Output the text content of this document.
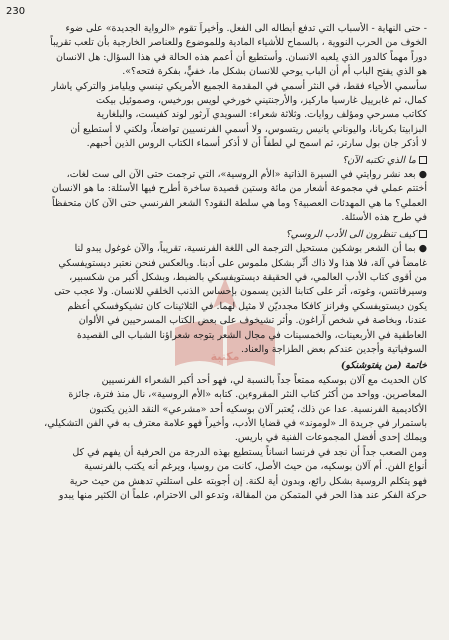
230
مكتبة

- حتى النهاية - الأسباب التي تدفع أبطاله الى الفعل. وأخيراً تقوم «الرواية الجديدة» على ضوء

الخوف من الحرب النووية ، بالسماح للأشياء المادية وللموضوع وللعناصر الخارجية بأن تلعب تقريباً

دوراً مهماً كالدور الذي يلعبه الانسان. وأستطيع أن أعمم هذه الحالة في هذا السؤال: هل الانسان

هو الذي يفتح الباب أم أن الباب يوحي للانسان بشكل ما، خفيٍّ، بفكرة فتحه؟».

سأسمي الأحياء فقط، في النثر أسمي في المقدمة الجميع الأمريكي تينسي ويليامز والتركي ياشار

كمال، ثم غابرييل غارسيا ماركيز، والأرجنتيني خورخي لويس بورخيس، وصموئيل بيكت

ككاتب مسرحي ومؤلف روايات. وثلاثة شعراء: السويدي آرثور لوند كفيست، والبلغارية

البزابيتا بكريانا، واليوناني يانيس ريتسوس، ولا أسمي الفرنسيين تواضعاً، ولكني لا أستطيع أن

لا أذكر جان بول سارتر، ثم اسمح لي لطفاً أن لا أذكر أسماء الكتاب الروس الذين أحبهم.

ما الذي تكتبه الآن؟

● بعد نشر روايتي في السيرة الذاتية «الأم الروسية»، التي ترجمت حتى الآن الى ست لغات،

أختتم عملي في مجموعة أشعار من مائة وستين قصيدة ساخرة أطرح فيها الأسئلة: ما هو الانسان

العملي؟ ما هي المهدئات العصبية؟ وما هي سلطة النقود؟ الشعر الفرنسي حتى الآن كان متحفظاً

في طرح هذه الأسئلة.

كيف تنظرون الى الأدب الروسي؟

● بما أن الشعر بوشكين مستحيل الترجمة الى اللغة الفرنسية، تقريباً، والآن غوغول يبدو لنا

غامضاً في آلة، فلا هذا ولا ذاك أثّر بشكل ملموس على أدبنا. وبالعكس فنحن نعتبر ديستويفسكي

من أقوى كتاب الأدب العالمي، في الحقيقة ديستويفسكي بالضبط، وبشكل أكبر من شكسبير،

وسيرفانتس، وغوته، أثر على كتابنا الذين يسمون بإحساس الذنب الخلقي للانسان. ولا عجب حتى

يكون ديستويفسكي وفرانز كافكا مجدديّن لا مثيل لهما. في الثلاثينات كان تشيكوفسكي أعظم

عندنا، وبخاصة في شخص آراغون. وأثر تشيخوف على بعض الكتاب المسرحيين في الألوان

العاطفية في الأربعينات، والخمسينات في مجال الشعر يتوجه شعراؤنا الشباب الى القصيدة

السوفياتية وأجدين عندكم بعض الطزاجة والعناد.

خاتمة (من يفتوشنكو)

كان الحديث مع آلان بوسكيه ممتعاً جداً بالنسبة لي، فهو أحد أكبر الشعراء الفرنسيين

المعاصرين. وواحد من أكثر كتاب النثر المقروءين. كتابه «الأم الروسية»، نال منذ فترة، جائزة

الأكاديمية الفرنسية. عدا عن ذلك، يُعتبر آلان بوسكيه أحد «مشرعي» النقد الذين يكتبون

باستمرار في جريدة الـ «لوموند» في قضايا الأدب، وأخيراً فهو علامة معترف به في الفن التشكيلي،

ويملك إحدى أفضل المجموعات الفنية في باريس.

ومن الصعب جداً أن نجد في فرنسا انساناً يستطيع بهذه الدرجة من الحرفية أن يفهم في كل

أنواع الفن. أم آلان بوسكيه، من حيث الأصل، كانت من روسيا، ويرغم أنه يكتب بالفرنسية

فهو يتكلم الروسية بشكل رائع، وبدون أية لكنة. إن أجوبته على استلتي تدهش من حيث حرية

حركة الفكر عند هذا الحر في المتمكن من المقالة، وتدعو الى الاحترام، علماً ان الكثير منها يبدو
